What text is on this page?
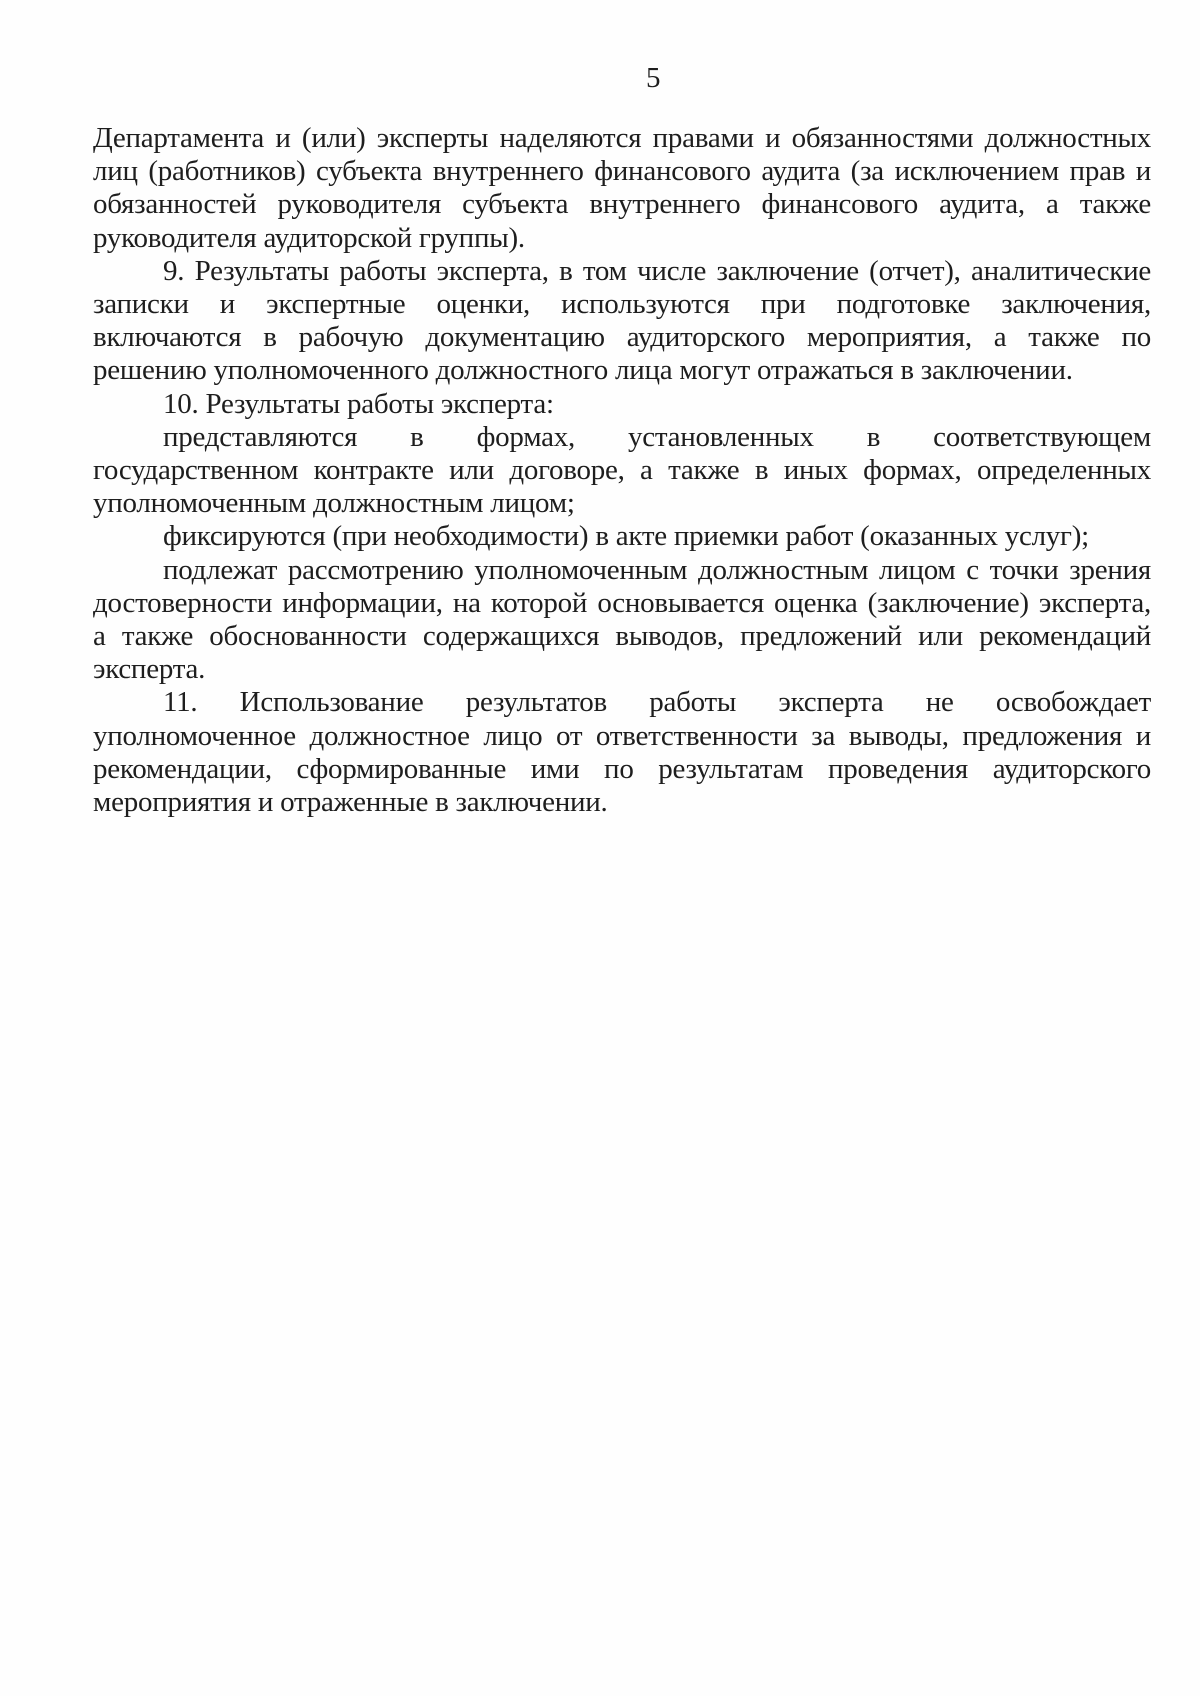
5
Департамента и (или) эксперты наделяются правами и обязанностями должностных
лиц (работников) субъекта внутреннего финансового аудита (за исключением прав и
обязанностей руководителя субъекта внутреннего финансового аудита, а также
руководителя аудиторской группы).
9. Результаты работы эксперта, в том числе заключение (отчет), аналитические
записки и экспертные оценки, используются при подготовке заключения,
включаются в рабочую документацию аудиторского мероприятия, а также по
решению уполномоченного должностного лица могут отражаться в заключении.
10. Результаты работы эксперта:
представляются в формах, установленных в соответствующем
государственном контракте или договоре, а также в иных формах, определенных
уполномоченным должностным лицом;
фиксируются (при необходимости) в акте приемки работ (оказанных услуг);
подлежат рассмотрению уполномоченным должностным лицом с точки зрения
достоверности информации, на которой основывается оценка (заключение) эксперта,
а также обоснованности содержащихся выводов, предложений или рекомендаций
эксперта.
11. Использование результатов работы эксперта не освобождает
уполномоченное должностное лицо от ответственности за выводы, предложения и
рекомендации, сформированные ими по результатам проведения аудиторского
мероприятия и отраженные в заключении.
